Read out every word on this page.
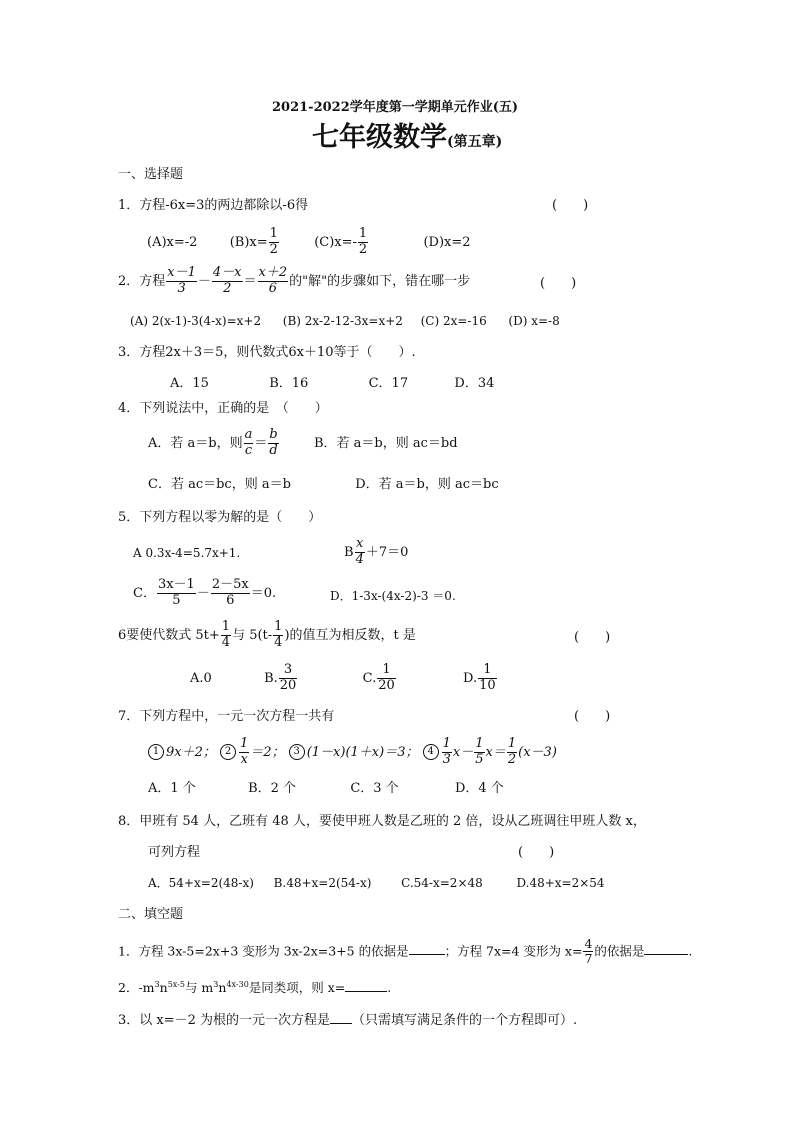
2021-2022学年度第一学期单元作业(五)
七年级数学(第五章)
一、选择题
1．方程-6x=3的两边都除以-6得	(　　)
(A)x=-2 $(B)x= \frac{1}{2}$	$(C)x=- \frac{1}{2}$	(D)x=2
2．方程 $\frac{x-1}{3} - \frac{4-x}{2} = \frac{x+2}{6}$ 的"解"的步骤如下，错在哪一步	(　　)
(A) 2(x-1)-3(4-x)=x+2 (B) 2x-2-12-3x=x+2 (C) 2x=-16 (D) x=-8
3．方程2x＋3＝5，则代数式6x＋10等于（　　）.
A．15	B．16	C．17	D．34
4．下列说法中，正确的是　（　　）
A．若 a＝b，则 $\frac{a}{c} = \frac{b}{d}$	B．若 a＝b，则 ac＝bd
C．若 ac＝bc，则 a＝b	D．若 a＝b，则 ac＝bc
5．下列方程以零为解的是（　　）
A 0.3x-4=5.7x+1.	B $\frac{x}{4} +7=0$
C． $\frac{3x-1}{5} - \frac{2-5x}{6} =0$.	D．1-3x-(4x-2)-3 ＝0.
6要使代数式 $5t+ \frac{1}{4}$ 与 $5(t- \frac{1}{4}$ )的值互为相反数，t 是	(　　)
A.0	B. $\frac{3}{20}$	C. $\frac{1}{20}$	D. $\frac{1}{10}$
7．下列方程中，一元一次方程一共有	(　　)
1 9x＋2； $2 \frac{1}{x} =2$； 3 (1－x)(1＋x)＝3； $4 \frac{1}{3} x- \frac{1}{5} x= \frac{1}{2} (x-3)$
A．1 个	B．2 个	C．3 个	D．4 个
8．甲班有 54 人，乙班有 48 人，要使甲班人数是乙班的 2 倍，设从乙班调往甲班人数 x，
可列方程	(　　)
A．54+x=2(48-x) B.48+x=2(54-x) C.54-x=2×48	D.48+x=2×54
二、填空题
1．方程 3x-5=2x+3 变形为 3x-2x=3+5 的依据是	；方程 7x=4 变形为 $x= \frac{4}{7}$ 的依据是	.
2．$-m^3n^{5x-5}$与 $m^3n^{4x-30}$是同类项，则 x=	.
3．以 x=－2 为根的一元一次方程是 （只需填写满足条件的一个方程即可）.
